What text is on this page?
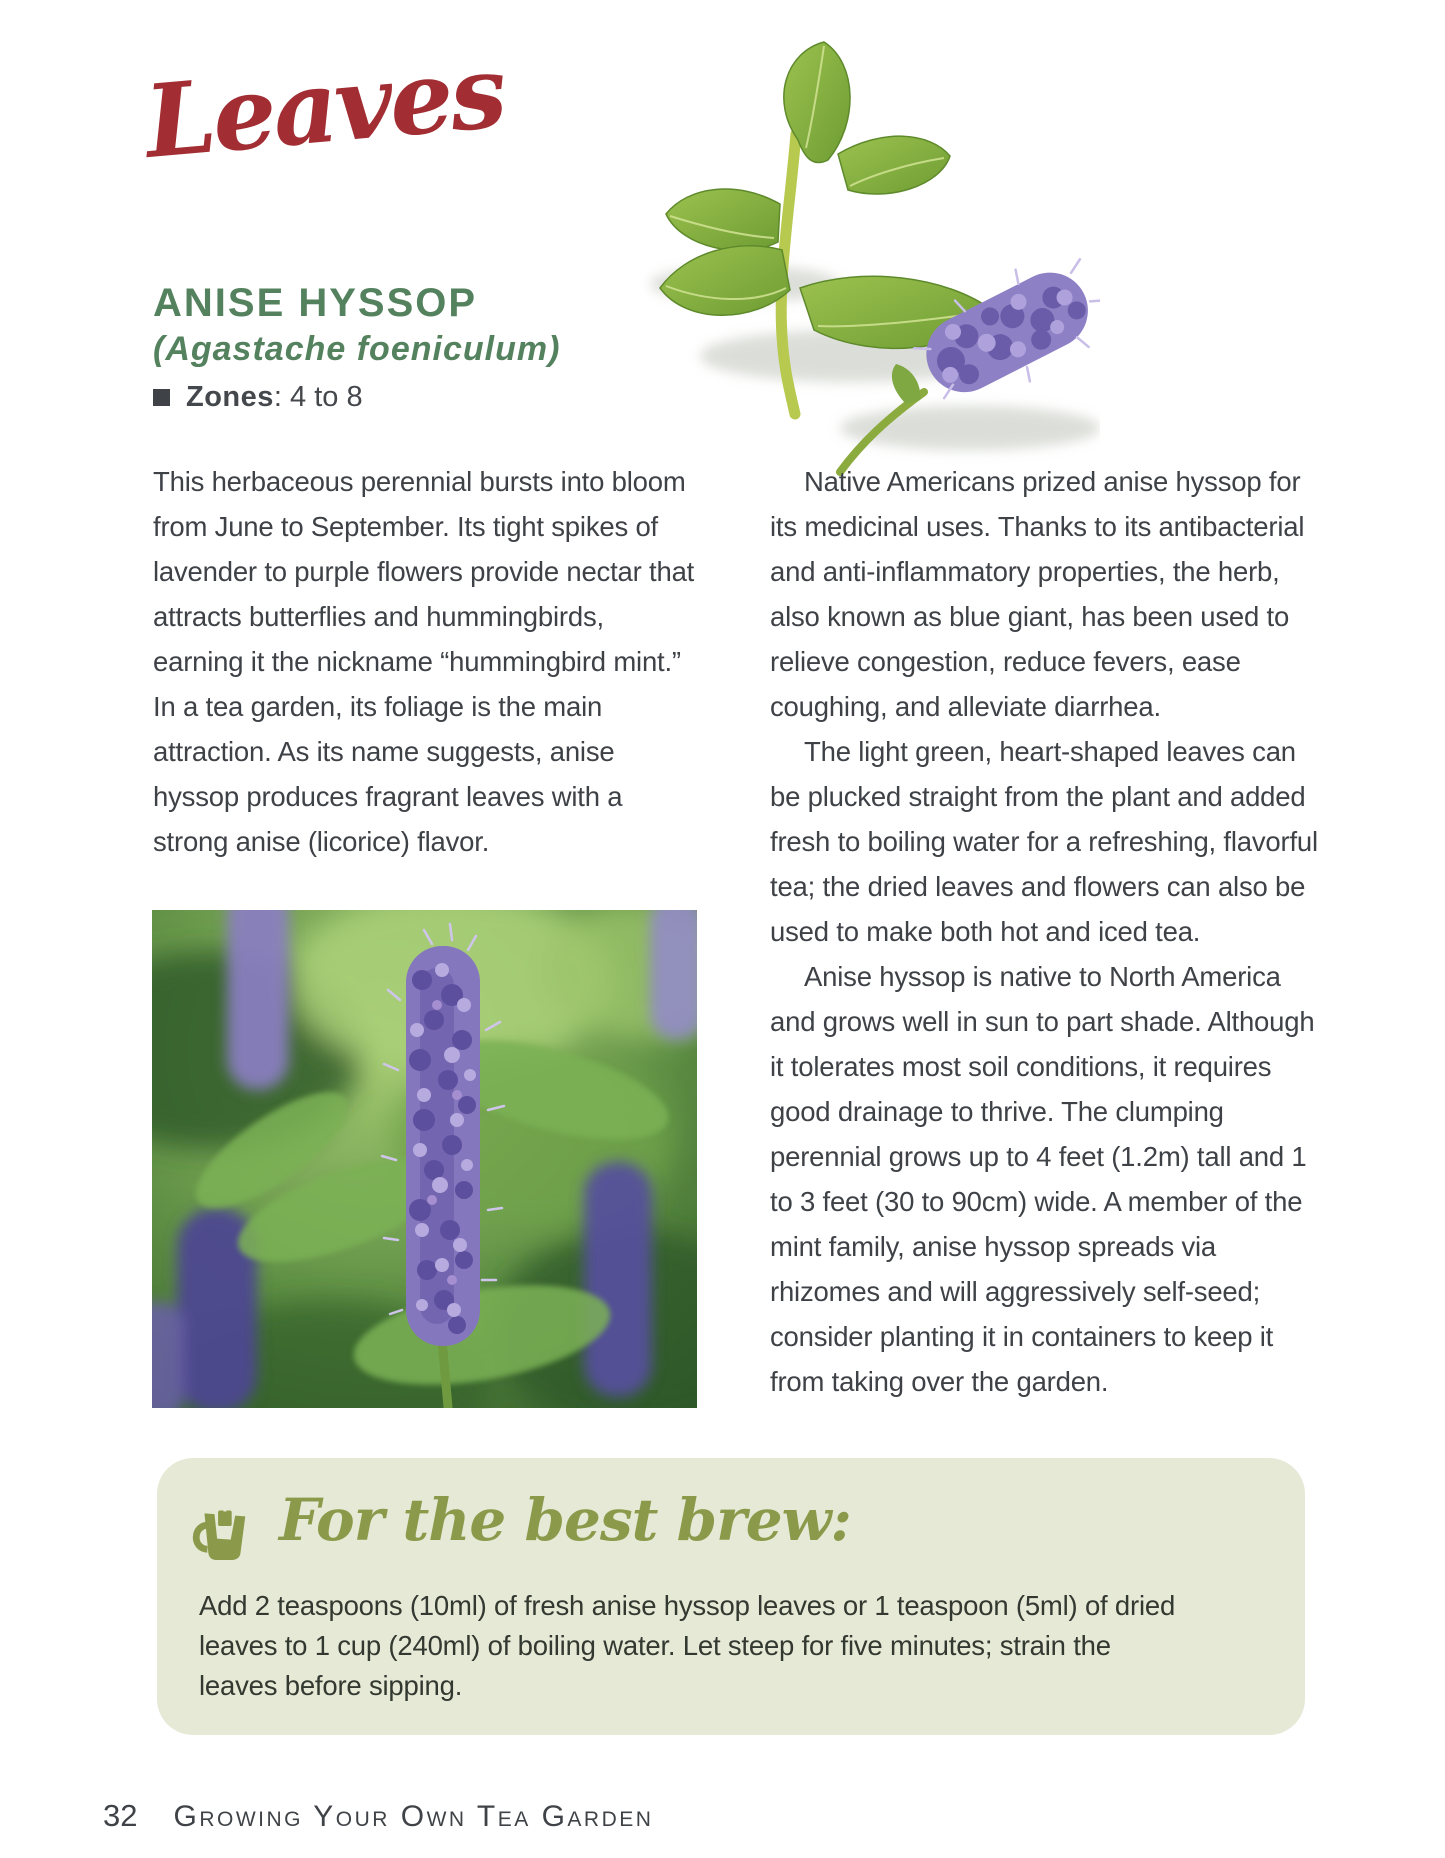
Leaves
ANISE HYSSOP
(Agastache foeniculum)
Zones : 4 to 8

This herbaceous perennial bursts into bloom from June to September. Its tight spikes of lavender to purple flowers provide nectar that attracts butterflies and hummingbirds, earning it the nickname “hummingbird mint.” In a tea garden, its foliage is the main attraction. As its name suggests, anise hyssop produces fragrant leaves with a strong anise (licorice) flavor.

Native Americans prized anise hyssop for its medicinal uses. Thanks to its antibacterial and anti-inflammatory properties, the herb, also known as blue giant, has been used to relieve congestion, reduce fevers, ease coughing, and alleviate diarrhea.

The light green, heart-shaped leaves can be plucked straight from the plant and added fresh to boiling water for a refreshing, flavorful tea; the dried leaves and flowers can also be used to make both hot and iced tea.

Anise hyssop is native to North America and grows well in sun to part shade. Although it tolerates most soil conditions, it requires good drainage to thrive. The clumping perennial grows up to 4 feet (1.2m) tall and 1 to 3 feet (30 to 90cm) wide. A member of the mint family, anise hyssop spreads via rhizomes and will aggressively self-seed; consider planting it in containers to keep it from taking over the garden.

For the best brew:
Add 2 teaspoons (10ml) of fresh anise hyssop leaves or 1 teaspoon (5ml) of dried leaves to 1 cup (240ml) of boiling water. Let steep for five minutes; strain the leaves before sipping.
32 Growing Your Own Tea Garden
